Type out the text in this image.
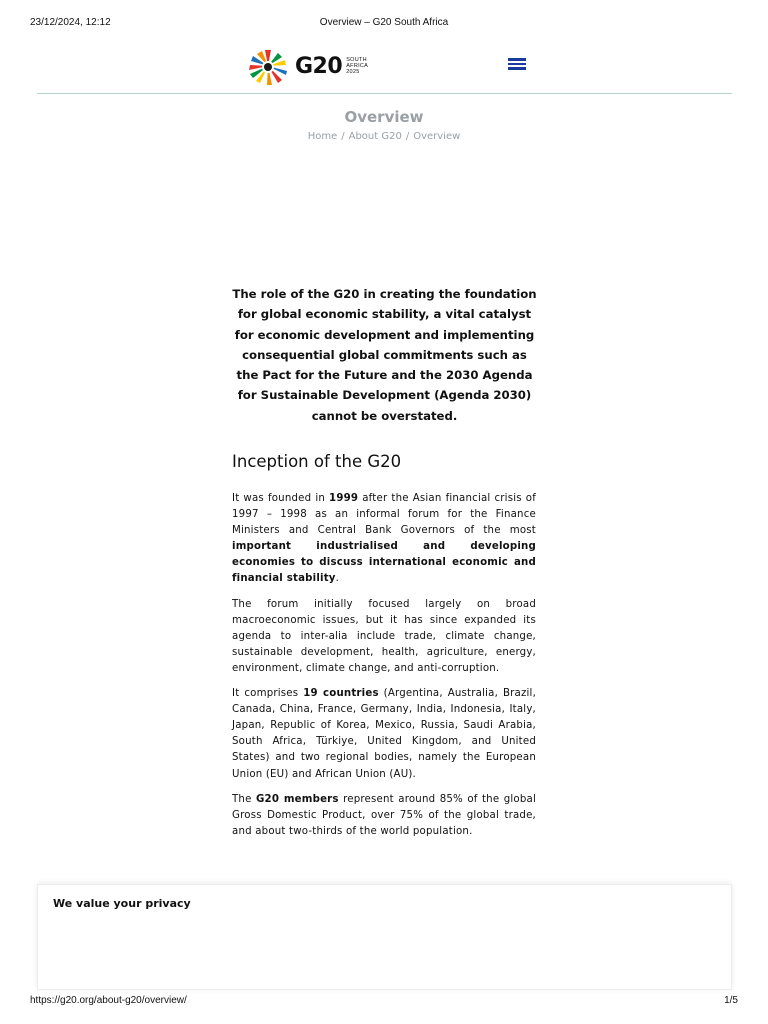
23/12/2024, 12:12	Overview – G20 South Africa
G20 SOUTH
AFRICA
2025
Overview
Home / About G20 / Overview
The role of the G20 in creating the foundation for global economic stability, a vital catalyst for economic development and implementing consequential global commitments such as the Pact for the Future and the 2030 Agenda for Sustainable Development (Agenda 2030) cannot be overstated.
Inception of the G20

It was founded in 1999 after the Asian financial crisis of 1997 – 1998 as an informal forum for the Finance Ministers and Central Bank Governors of the most important industrialised and developing economies to discuss international economic and financial stability.

The forum initially focused largely on broad macroeconomic issues, but it has since expanded its agenda to inter-alia include trade, climate change, sustainable development, health, agriculture, energy, environment, climate change, and anti-corruption.

It comprises 19 countries (Argentina, Australia, Brazil, Canada, China, France, Germany, India, Indonesia, Italy, Japan, Republic of Korea, Mexico, Russia, Saudi Arabia, South Africa, Türkiye, United Kingdom, and United States) and two regional bodies, namely the European Union (EU) and African Union (AU).

The G20 members represent around 85% of the global Gross Domestic Product, over 75% of the global trade, and about two-thirds of the world population.

We value your privacy
https://g20.org/about-g20/overview/	1/5
